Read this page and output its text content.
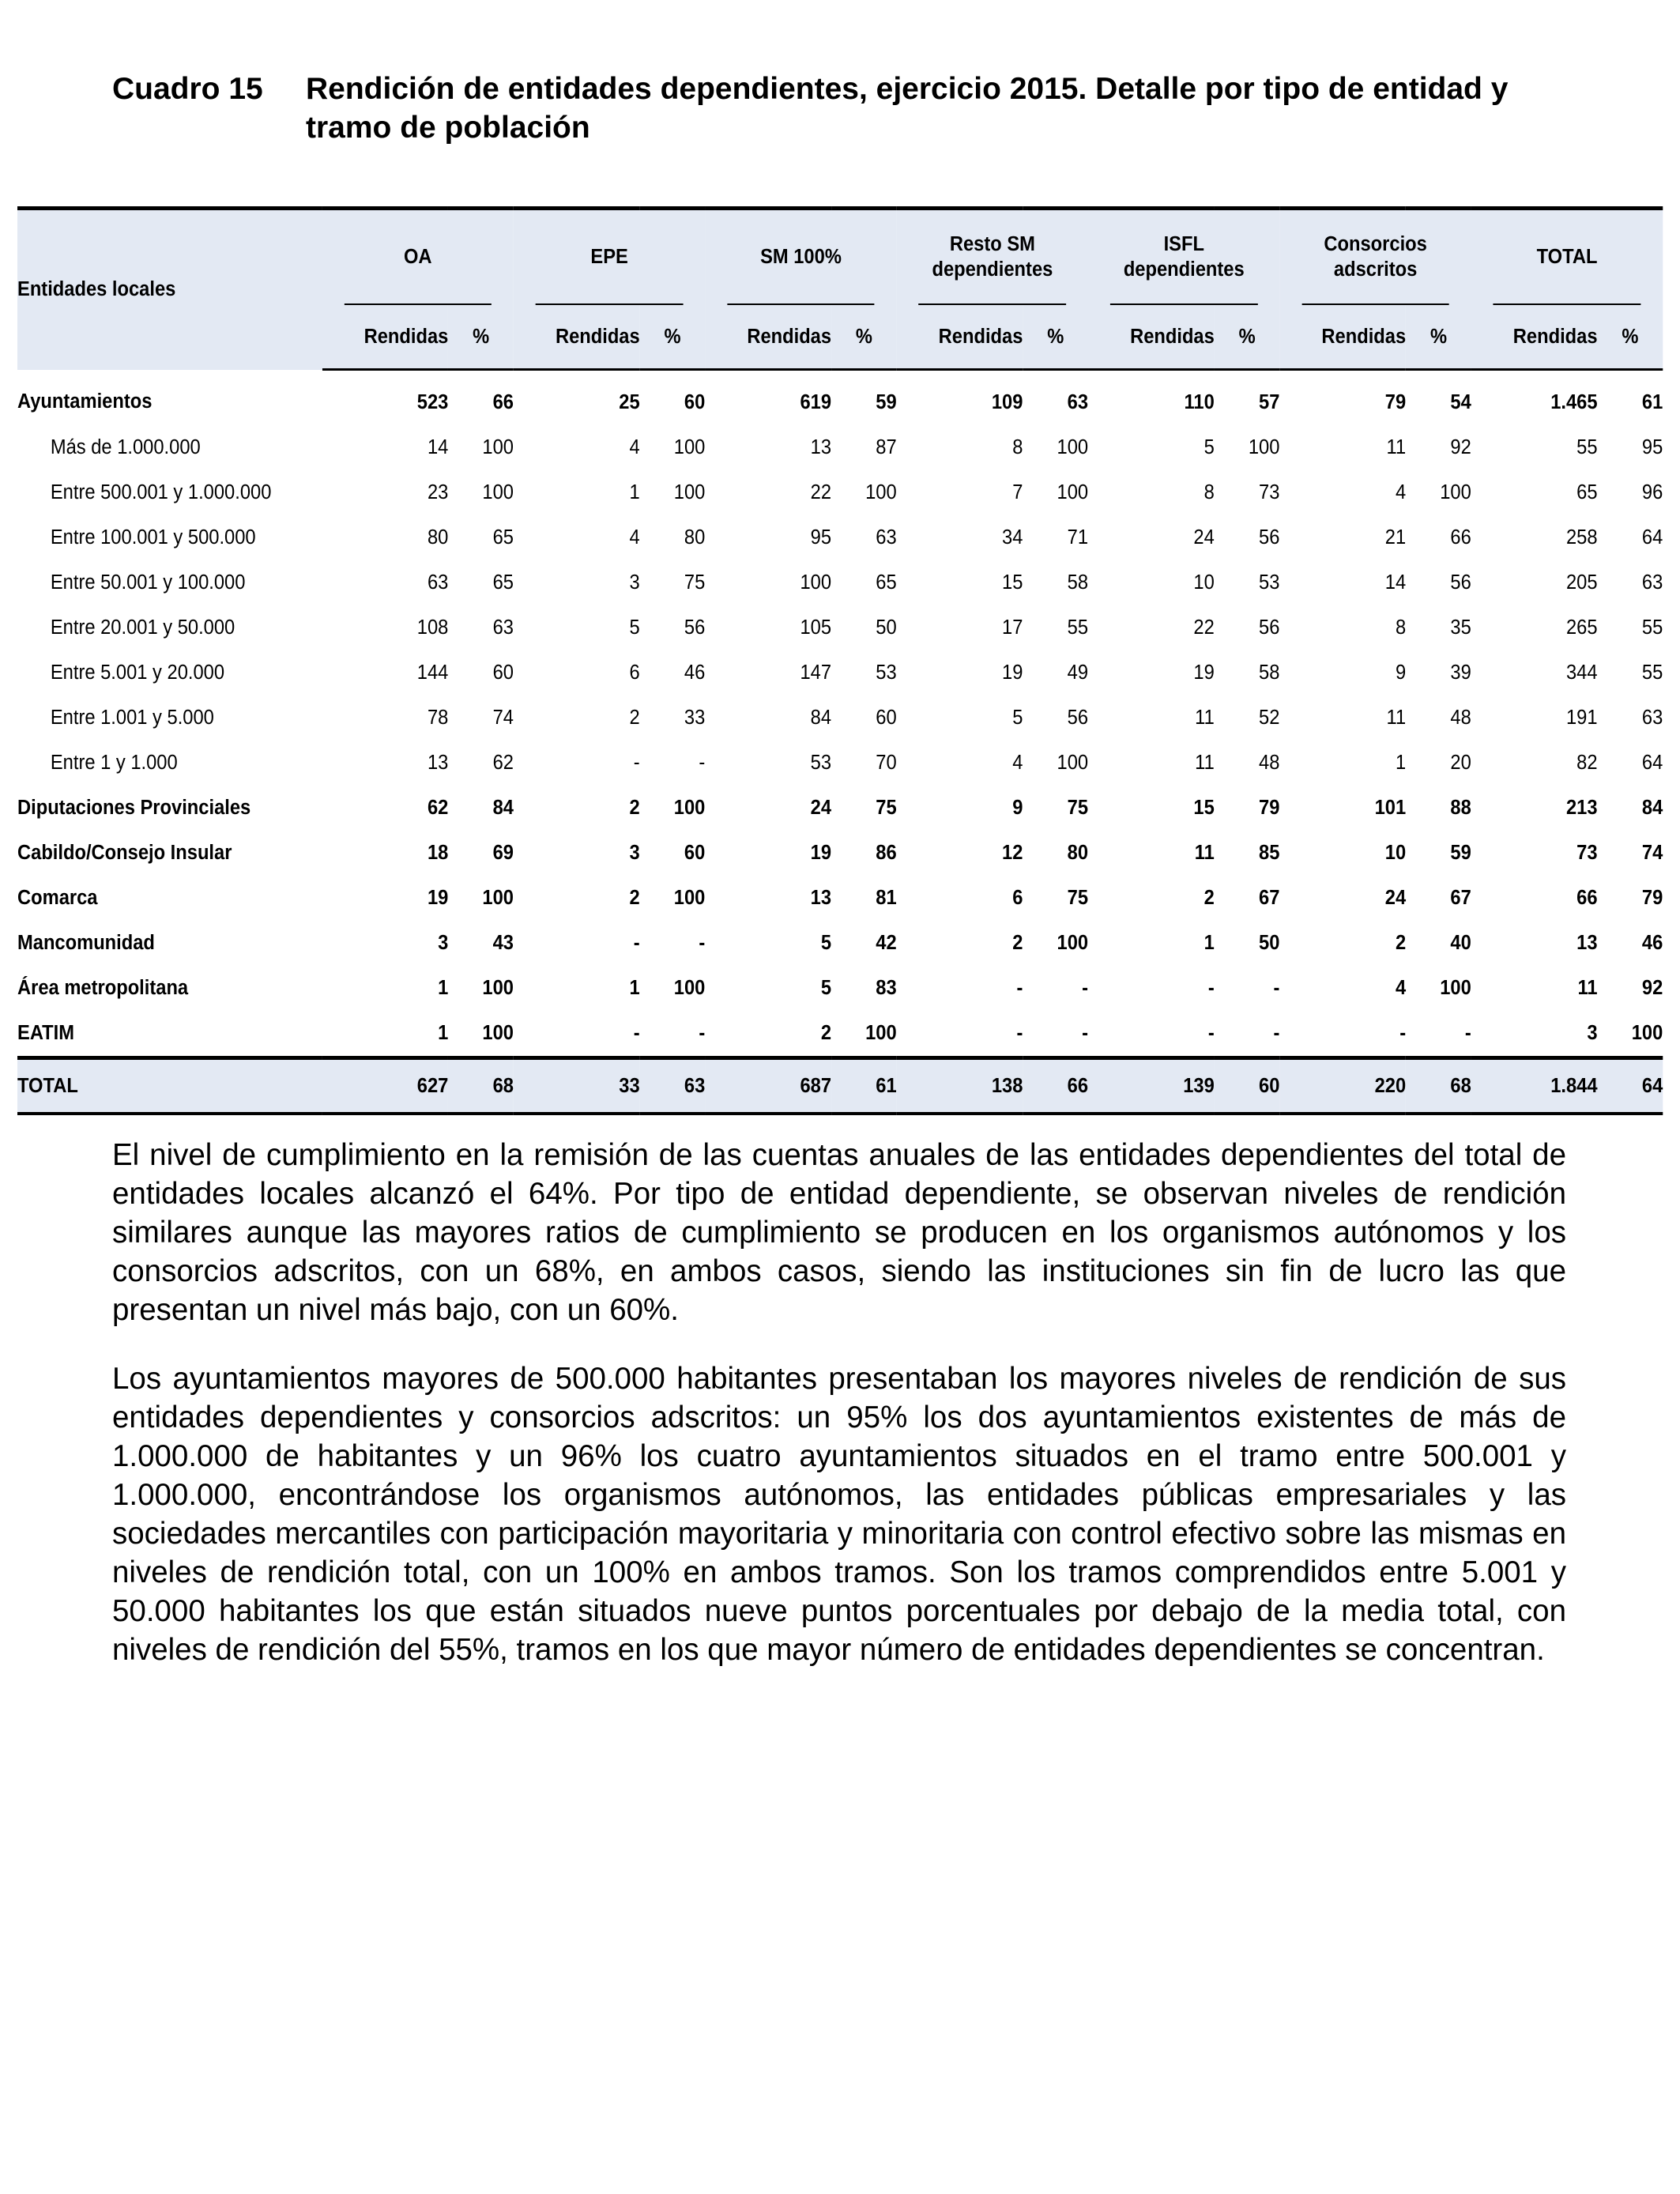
Cuadro 15	Rendición de entidades dependientes, ejercicio 2015. Detalle por tipo de entidad y tramo de población
Entidades locales	OA		EPE		SM 100%		Resto SM dependientes		ISFL dependientes		Consorcios adscritos		TOTAL	

	Rendidas	%	Rendidas	%	Rendidas	%	Rendidas	%	Rendidas	%	Rendidas	%	Rendidas	%
Ayuntamientos	523	66	25	60	619	59	109	63	110	57	79	54	1.465	61
Más de 1.000.000	14	100	4	100	13	87	8	100	5	100	11	92	55	95
Entre 500.001 y 1.000.000	23	100	1	100	22	100	7	100	8	73	4	100	65	96
Entre 100.001 y 500.000	80	65	4	80	95	63	34	71	24	56	21	66	258	64
Entre 50.001 y 100.000	63	65	3	75	100	65	15	58	10	53	14	56	205	63
Entre 20.001 y 50.000	108	63	5	56	105	50	17	55	22	56	8	35	265	55
Entre 5.001 y 20.000	144	60	6	46	147	53	19	49	19	58	9	39	344	55
Entre 1.001 y 5.000	78	74	2	33	84	60	5	56	11	52	11	48	191	63
Entre 1 y 1.000	13	62	-	-	53	70	4	100	11	48	1	20	82	64
Diputaciones Provinciales	62	84	2	100	24	75	9	75	15	79	101	88	213	84
Cabildo/Consejo Insular	18	69	3	60	19	86	12	80	11	85	10	59	73	74
Comarca	19	100	2	100	13	81	6	75	2	67	24	67	66	79
Mancomunidad	3	43	-	-	5	42	2	100	1	50	2	40	13	46
Área metropolitana	1	100	1	100	5	83	-	-	-	-	4	100	11	92
EATIM	1	100	-	-	2	100	-	-	-	-	-	-	3	100
TOTAL	627	68	33	63	687	61	138	66	139	60	220	68	1.844	64
El nivel de cumplimiento en la remisión de las cuentas anuales de las entidades dependientes del total de entidades locales alcanzó el 64%. Por tipo de entidad dependiente, se observan niveles de rendición similares aunque las mayores ratios de cumplimiento se producen en los organismos autónomos y los consorcios adscritos, con un 68%, en ambos casos, siendo las instituciones sin fin de lucro las que presentan un nivel más bajo, con un 60%.
Los ayuntamientos mayores de 500.000 habitantes presentaban los mayores niveles de rendición de sus entidades dependientes y consorcios adscritos: un 95% los dos ayuntamientos existentes de más de 1.000.000 de habitantes y un 96% los cuatro ayuntamientos situados en el tramo entre 500.001 y 1.000.000, encontrándose los organismos autónomos, las entidades públicas empresariales y las sociedades mercantiles con participación mayoritaria y minoritaria con control efectivo sobre las mismas en niveles de rendición total, con un 100% en ambos tramos. Son los tramos comprendidos entre 5.001 y 50.000 habitantes los que están situados nueve puntos porcentuales por debajo de la media total, con niveles de rendición del 55%, tramos en los que mayor número de entidades dependientes se concentran.
